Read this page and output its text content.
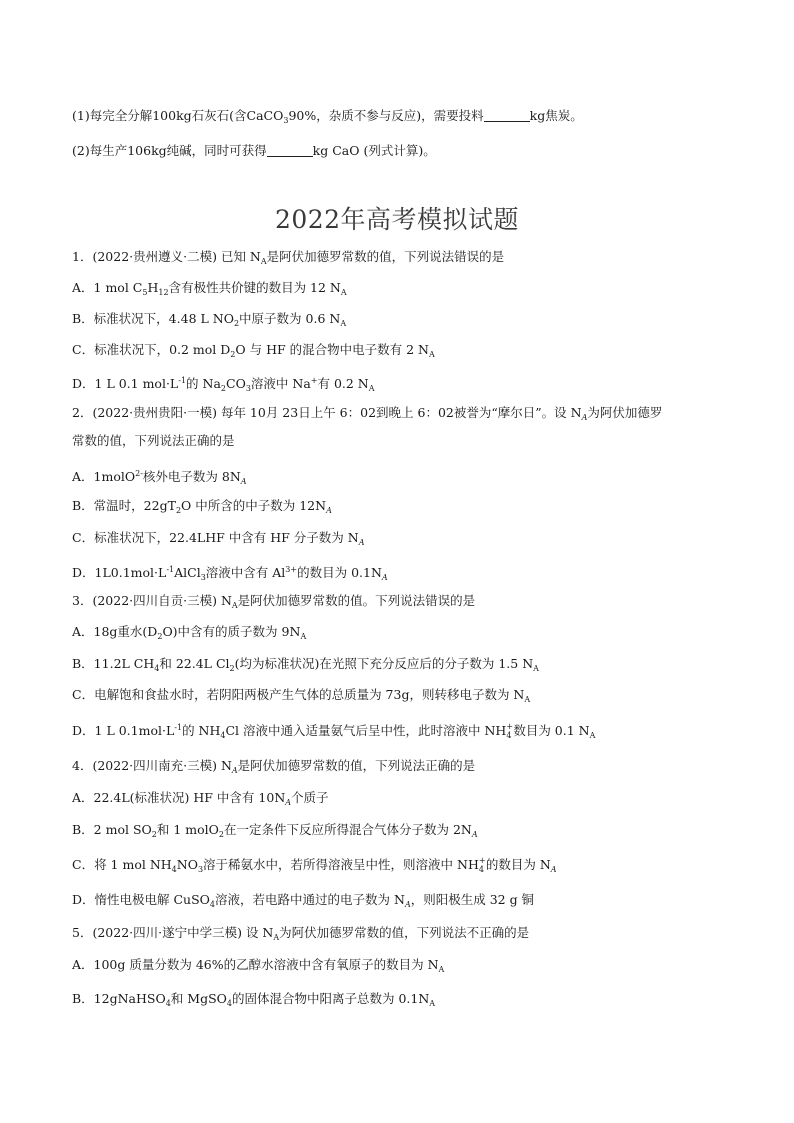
(1)每完全分解100kg石灰石(含CaCO$_3$90%，杂质不参与反应)，需要投料	kg焦炭。
(2)每生产106kg纯碱，同时可获得	kg CaO (列式计算)。
2022年高考模拟试题
1．(2022·贵州遵义·二模) 已知 $N_A$是阿伏加德罗常数的值，下列说法错误的是
A．1 mol $C_5H_{12}$含有极性共价键的数目为 12 $N_A$
B．标准状况下，4.48 L $NO_2$中原子数为 0.6 $N_A$
C．标准状况下，0.2 mol $D_2O$ 与 HF 的混合物中电子数有 2 $N_A$
D．1 L 0.1 $mol\cdot L^{-1}$的 $Na_2CO_3$溶液中 Na+有 0.2 $N_A$
2．(2022·贵州贵阳·一模) 每年 10月 23日上午 6：02到晚上 6：02被誉为“摩尔日”。设 $N_A$为阿伏加德罗
常数的值，下列说法正确的是
A．1molO$^{2-}$核外电子数为 $8N_A$
B．常温时，$22gT_2O$ 中所含的中子数为 $12N_A$
C．标准状况下，22.4LHF 中含有 HF 分子数为 $N_A$
D．$1L0.1mol\cdot L^{-1}AlCl_3$溶液中含有 $Al^{3+}$的数目为 $0.1N_A$
3．(2022·四川自贡·三模) $N_A$是阿伏加德罗常数的值。下列说法错误的是
A．18g重水$(D_2O)$中含有的质子数为 $9N_A$
B．11.2L $CH_4$和 22.4L $Cl_2$(均为标准状况)在光照下充分反应后的分子数为 1.5 $N_A$
C．电解饱和食盐水时，若阴阳两极产生气体的总质量为 73g，则转移电子数为 $N_A$
D．1 L $0.1mol\cdot L^{-1}$的 $NH_4Cl$ 溶液中通入适量氨气后呈中性，此时溶液中 NH +
4 数目为 0.1 $N_A$
4．(2022·四川南充·三模) $N_A$是阿伏加德罗常数的值，下列说法正确的是
A．22.4L(标准状况) HF 中含有 $10N_A$个质子
B．2 mol $SO_2$和 1 molO$_2$在一定条件下反应所得混合气体分子数为 $2N_A$
C．将 1 mol $NH_4NO_3$溶于稀氨水中，若所得溶液呈中性，则溶液中 NH +
4 的数目为 $N_A$
D．惰性电极电解 CuSO$_4$溶液，若电路中通过的电子数为 $N_A$，则阳极生成 32 g 铜
5．(2022·四川·遂宁中学三模) 设 $N_A$为阿伏加德罗常数的值，下列说法不正确的是
A．100g 质量分数为 46%的乙醇水溶液中含有氧原子的数目为 $N_A$
B．12gNaHSO$_4$和 MgSO$_4$的固体混合物中阳离子总数为 $0.1N_A$
